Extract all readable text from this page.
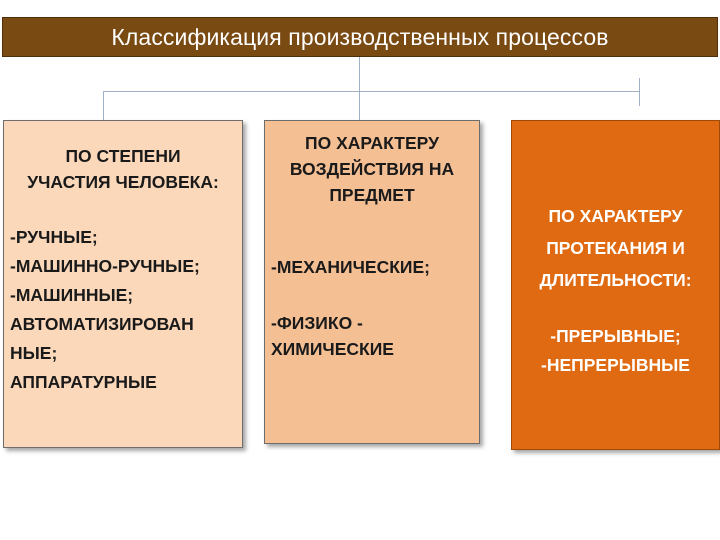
Классификация производственных процессов
ПО СТЕПЕНИ
УЧАСТИЯ ЧЕЛОВЕКА:
-РУЧНЫЕ;
-МАШИННО-РУЧНЫЕ;
-МАШИННЫЕ;
АВТОМАТИЗИРОВАН
НЫЕ;
АППАРАТУРНЫЕ
ПО ХАРАКТЕРУ
ВОЗДЕЙСТВИЯ НА
ПРЕДМЕТ
-МЕХАНИЧЕСКИЕ;
-ФИЗИКО -
ХИМИЧЕСКИЕ
ПО ХАРАКТЕРУ
ПРОТЕКАНИЯ И
ДЛИТЕЛЬНОСТИ:
-ПРЕРЫВНЫЕ;
-НЕПРЕРЫВНЫЕ
